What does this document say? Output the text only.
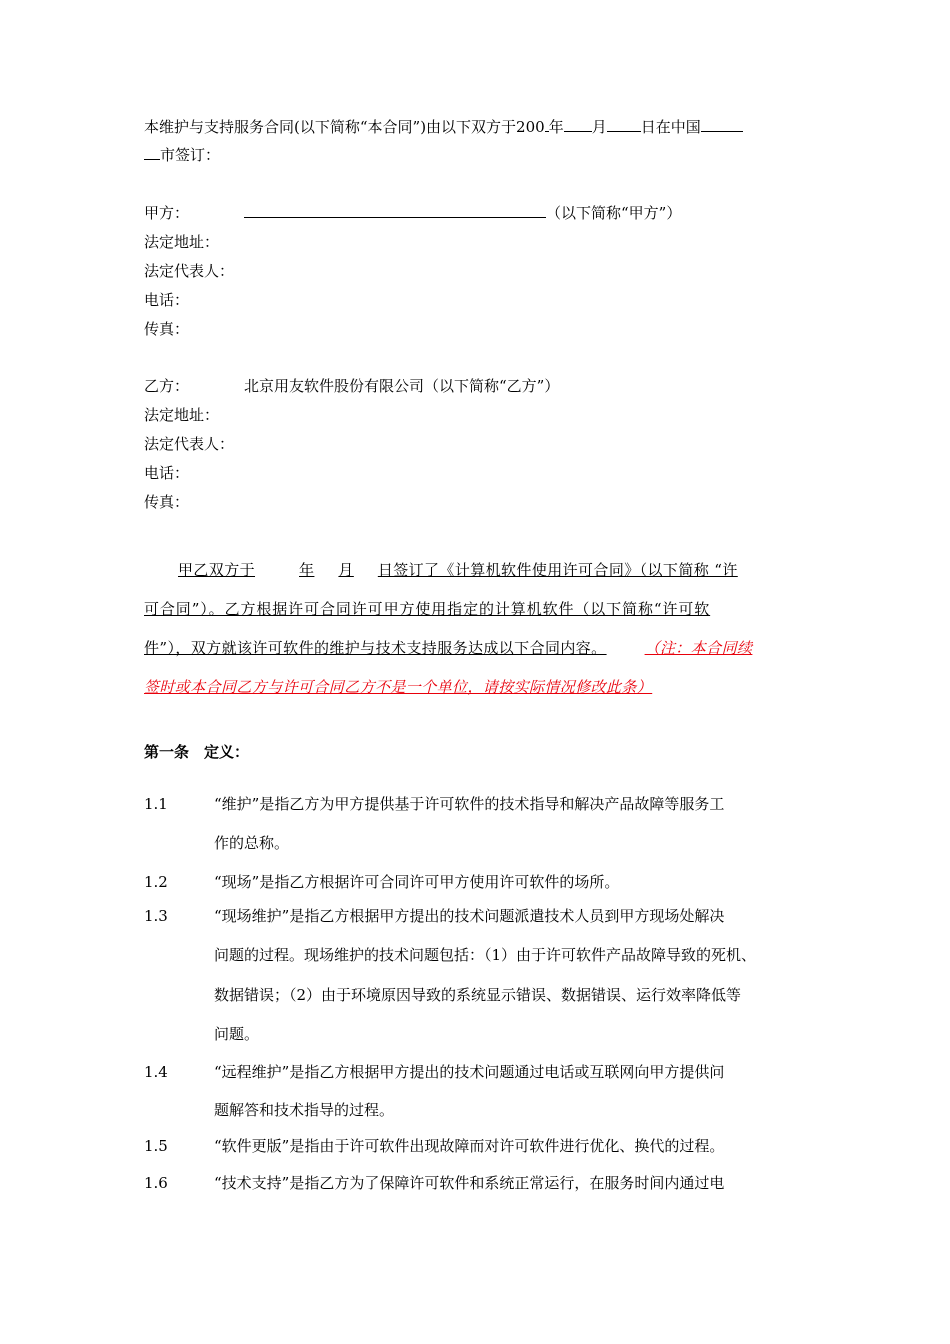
本维护与支持服务合同(以下简称“本合同”)由以下双方于200 年 月 日在中国
市签订：
甲方：	（以下简称“甲方”）
法定地址：
法定代表人：
电话：
传真：
乙方：	北京用友软件股份有限公司（以下简称“乙方”）
法定地址：
法定代表人：
电话：
传真：
甲乙双方于	年 月 日签订了《计算机软件使用许可合同》（以下简称 “许
可合同”）。乙方根据许可合同许可甲方使用指定的计算机软件（以下简称“许可软
件”），双方就该许可软件的维护与技术支持服务达成以下合同内容。	（注：本合同续
签时或本合同乙方与许可合同乙方不是一个单位，请按实际情况修改此条）
第一条　定义：
1.1	“维护”是指乙方为甲方提供基于许可软件的技术指导和解决产品故障等服务工
作的总称。
1.2	“现场”是指乙方根据许可合同许可甲方使用许可软件的场所。
1.3	“现场维护”是指乙方根据甲方提出的技术问题派遣技术人员到甲方现场处解决
问题的过程。现场维护的技术问题包括：（1）由于许可软件产品故障导致的死机、
数据错误；（2）由于环境原因导致的系统显示错误、数据错误、运行效率降低等
问题。
1.4	“远程维护”是指乙方根据甲方提出的技术问题通过电话或互联网向甲方提供问
题解答和技术指导的过程。
1.5	“软件更版”是指由于许可软件出现故障而对许可软件进行优化、换代的过程。
1.6	“技术支持”是指乙方为了保障许可软件和系统正常运行，在服务时间内通过电
